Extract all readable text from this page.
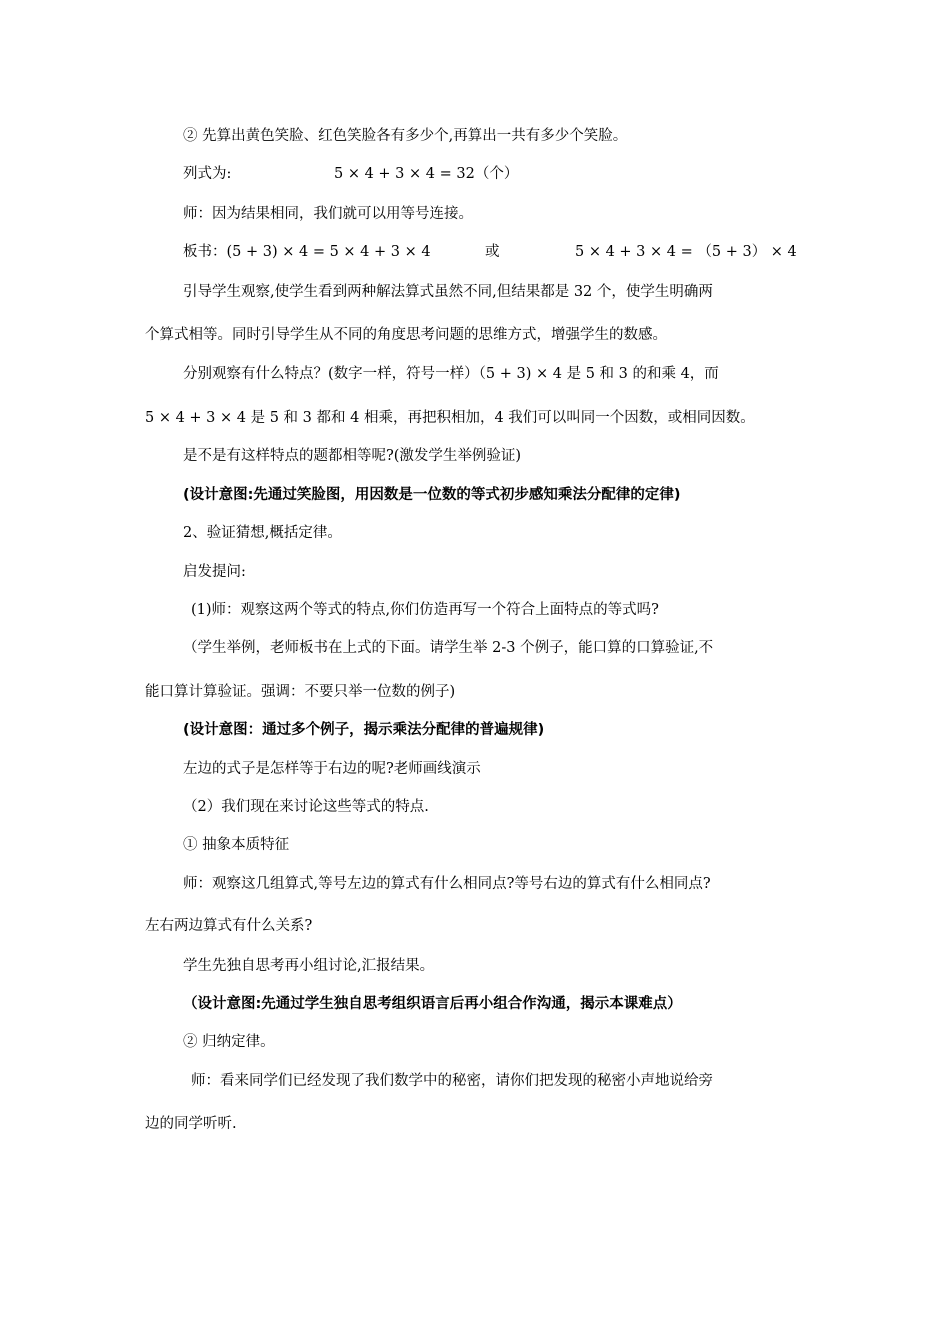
② 先算出黄色笑脸、红色笑脸各有多少个,再算出一共有多少个笑脸。
列式为:	5 × 4 + 3 × 4 = 32（个）
师：因为结果相同，我们就可以用等号连接。
板书：(5 + 3) × 4 = 5 × 4 + 3 × 4	或	5 × 4 + 3 × 4 = （5 + 3） × 4
引导学生观察,使学生看到两种解法算式虽然不同,但结果都是 32 个，使学生明确两
个算式相等。同时引导学生从不同的角度思考问题的思维方式，增强学生的数感。
分别观察有什么特点？(数字一样，符号一样）（5 + 3) × 4 是 5 和 3 的和乘 4，而
5 × 4 + 3 × 4 是 5 和 3 都和 4 相乘，再把积相加，4 我们可以叫同一个因数，或相同因数。
是不是有这样特点的题都相等呢?(激发学生举例验证)
(设计意图:先通过笑脸图，用因数是一位数的等式初步感知乘法分配律的定律)
2、验证猜想,概括定律。
启发提问:
(1)师：观察这两个等式的特点,你们仿造再写一个符合上面特点的等式吗?
（学生举例，老师板书在上式的下面。请学生举 2-3 个例子，能口算的口算验证,不
能口算计算验证。强调：不要只举一位数的例子)
(设计意图：通过多个例子，揭示乘法分配律的普遍规律)
左边的式子是怎样等于右边的呢?老师画线演示
（2）我们现在来讨论这些等式的特点.
① 抽象本质特征
师：观察这几组算式,等号左边的算式有什么相同点?等号右边的算式有什么相同点?
左右两边算式有什么关系?
学生先独自思考再小组讨论,汇报结果。
（设计意图:先通过学生独自思考组织语言后再小组合作沟通，揭示本课难点）
② 归纳定律。
师：看来同学们已经发现了我们数学中的秘密，请你们把发现的秘密小声地说给旁
边的同学听听.
